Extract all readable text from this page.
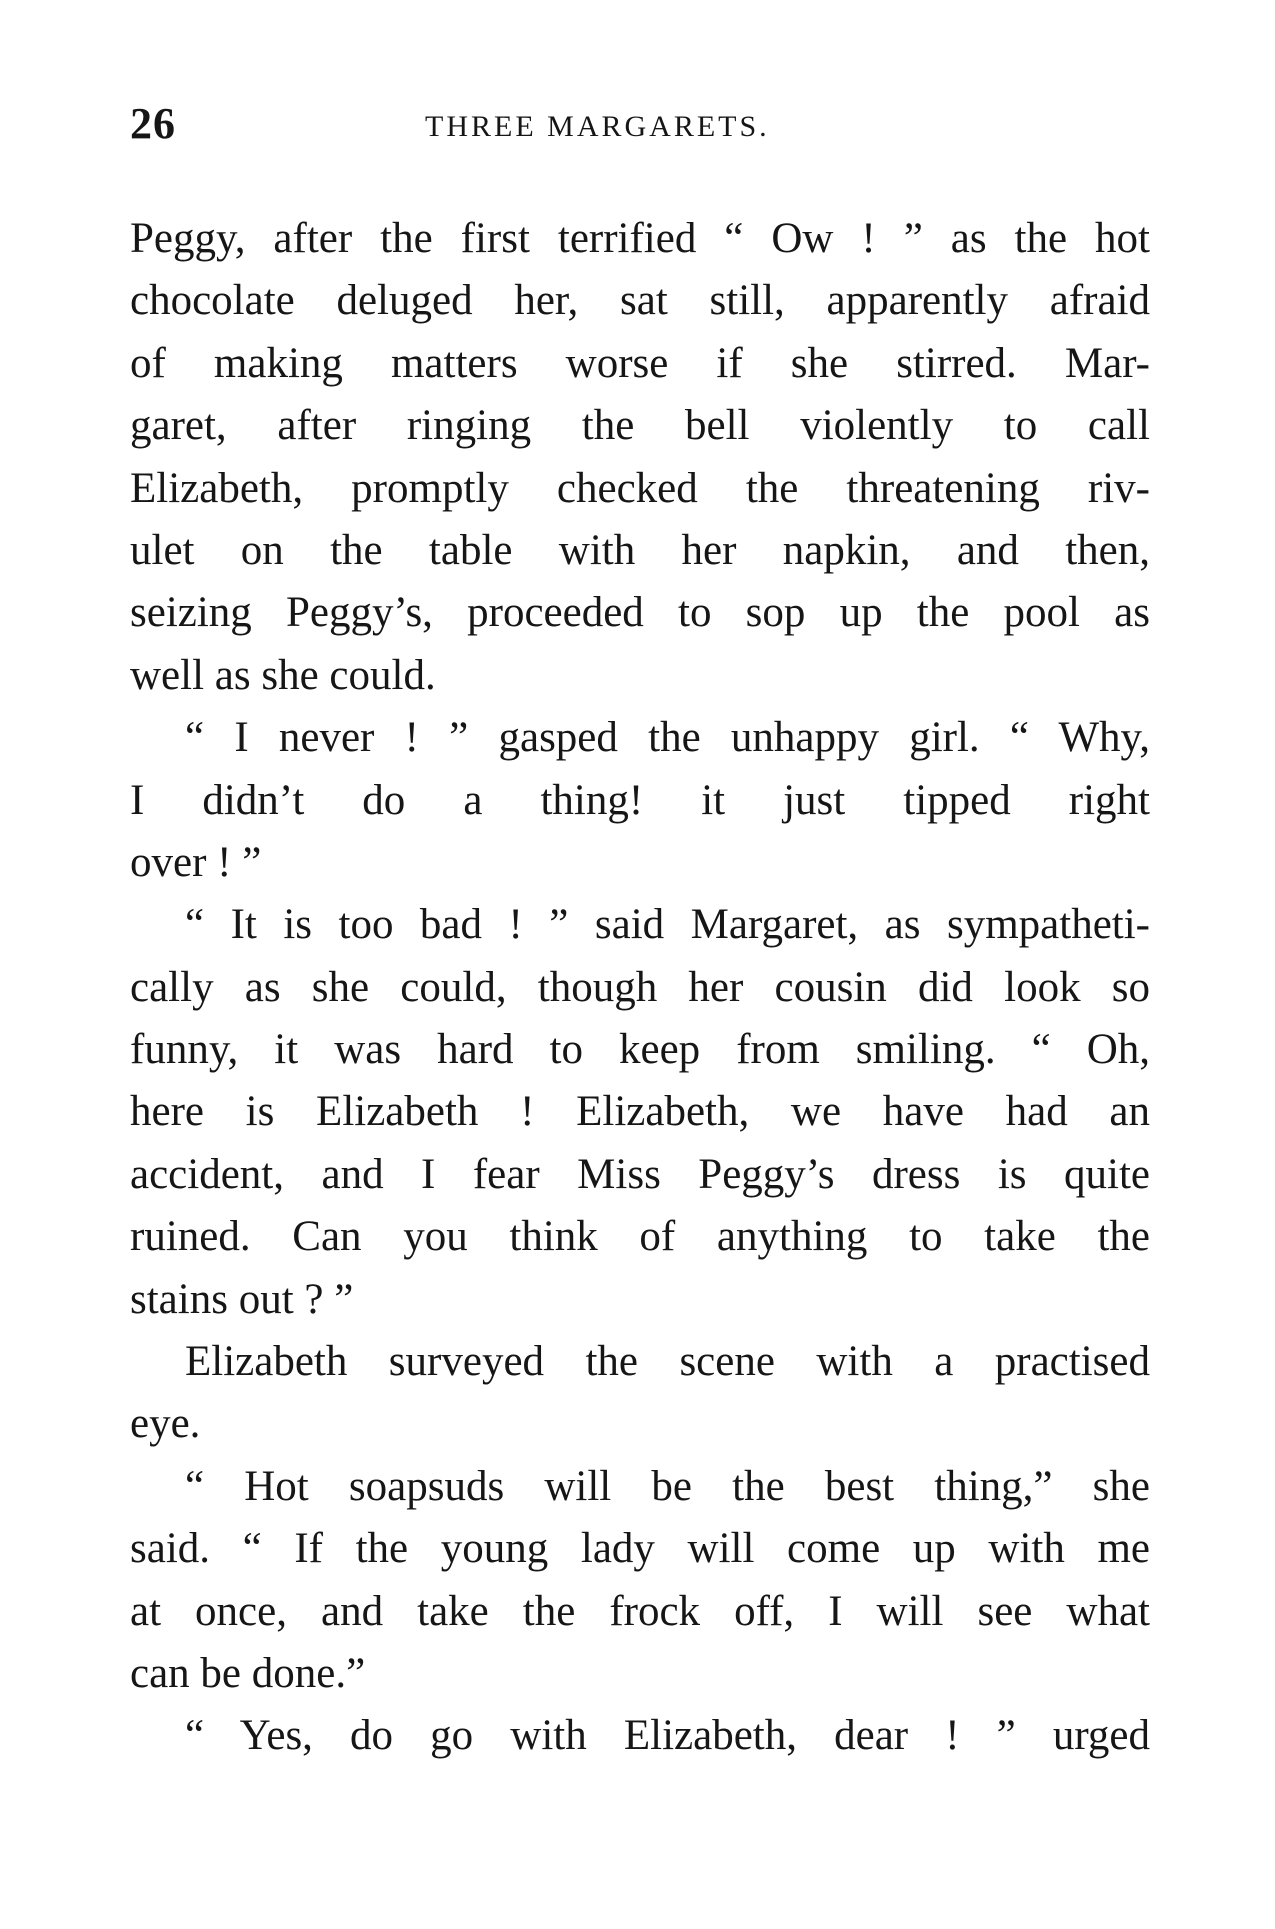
26	THREE MARGARETS.
Peggy, after the first terrified “ Ow ! ” as the hot
chocolate deluged her, sat still, apparently afraid
of making matters worse if she stirred. Mar-
garet, after ringing the bell violently to call
Elizabeth, promptly checked the threatening riv-
ulet on the table with her napkin, and then,
seizing Peggy’s, proceeded to sop up the pool as
well as she could.
“ I never ! ” gasped the unhappy girl. “ Why,
I didn’t do a thing! it just tipped right
over ! ”
“ It is too bad ! ” said Margaret, as sympatheti-
cally as she could, though her cousin did look so
funny, it was hard to keep from smiling. “ Oh,
here is Elizabeth ! Elizabeth, we have had an
accident, and I fear Miss Peggy’s dress is quite
ruined. Can you think of anything to take the
stains out ? ”
Elizabeth surveyed the scene with a practised
eye.
“ Hot soapsuds will be the best thing,” she
said. “ If the young lady will come up with me
at once, and take the frock off, I will see what
can be done.”
“ Yes, do go with Elizabeth, dear ! ” urged
